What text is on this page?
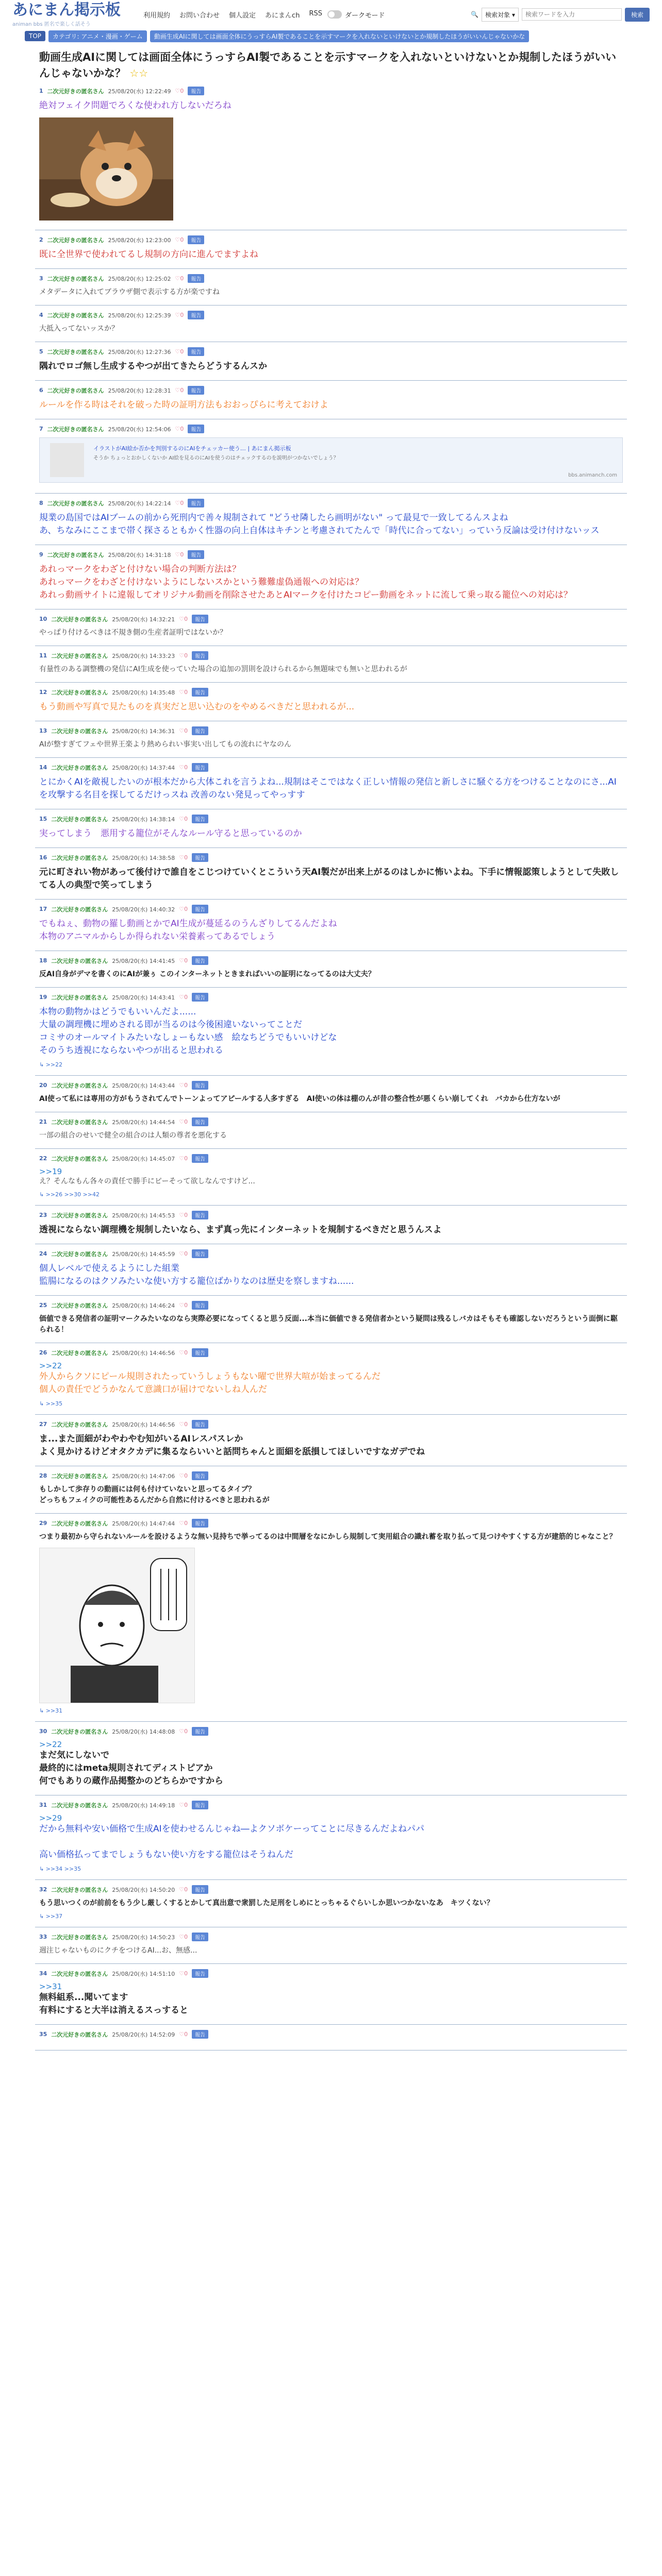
あにまん掲示板
animan bbs 匿名で楽しく話そう
利用規約 お問い合わせ 個人設定 あにまんch RSS	ダークモード	🔍	検索対象 ▾
検索ワードを入力	検索
TOP	カテゴリ: アニメ・漫画・ゲーム	動画生成AIに関しては画面全体にうっすらAI製であることを示すマークを入れないといけないとか規制したほうがいいんじゃないかな
動画生成AIに関しては画面全体にうっすらAI製であることを示すマークを入れないといけないとか規制したほうがいいんじゃないかな？ ☆☆
1 二次元好きの匿名さん 25/08/20(水) 12:22:49 ♡0	報告
絶対フェイク問題でろくな使われ方しないだろね
2 二次元好きの匿名さん 25/08/20(水) 12:23:00 ♡0	報告
既に全世界で使われてるし規制の方向に進んでますよね
3 二次元好きの匿名さん 25/08/20(水) 12:25:02 ♡0	報告
メタデータに入れてブラウザ側で表示する方が楽ですね
4 二次元好きの匿名さん 25/08/20(水) 12:25:39 ♡0	報告
大抵入ってないッスか？
5 二次元好きの匿名さん 25/08/20(水) 12:27:36 ♡0	報告
隅れでロゴ無し生成するやつが出てきたらどうするんスか
6 二次元好きの匿名さん 25/08/20(水) 12:28:31 ♡0	報告
ルールを作る時はそれを破った時の証明方法もおおっぴらに考えておけよ
7 二次元好きの匿名さん 25/08/20(水) 12:54:06 ♡0	報告
イラストがAI絵か否かを判別するのにAIをチェッカー使う… | あにまん掲示板
そうか ちょっとおかしくないか AI絵を見るのにAIを使うのはチェックするのを説明がつかないでしょう？
bbs.animanch.com
8 二次元好きの匿名さん 25/08/20(水) 14:22:14 ♡0	報告
規業の島国ではAIブームの前から死刑内で善々規制されて "どうせ隣したら画明がない" って最見で一致してるんスよね
あ、ちなみにここまで帯く探さるともかく性器の向上自体はキチンと考慮されてたんで「時代に合ってない」っていう反論は受け付けないッス
9 二次元好きの匿名さん 25/08/20(水) 14:31:18 ♡0	報告
あれっマークをわざと付けない場合の判断方法は？
あれっマークをわざと付けないようにしないスかという難難虚偽通報への対応は？
あれっ動画サイトに違報してオリジナル動画を削除させたあとAIマークを付けたコピー動画をネットに流して乗っ取る籠位への対応は？
10 二次元好きの匿名さん 25/08/20(水) 14:32:21 ♡0	報告
やっぱり付けるべきは不規き側の生産者証明ではないか？
11 二次元好きの匿名さん 25/08/20(水) 14:33:23 ♡0	報告
有量性のある調整機の発信にAI生成を使っていた場合の追加の罰則を設けられるから無題味でも無いと思われるが
12 二次元好きの匿名さん 25/08/20(水) 14:35:48 ♡0	報告
もう動画や写真で見たものを真実だと思い込むのをやめるべきだと思われるが...
13 二次元好きの匿名さん 25/08/20(水) 14:36:31 ♡0	報告
AIが整すぎてフェや世界王楽より熱められい事実い出してもの流れにヤなのん
14 二次元好きの匿名さん 25/08/20(水) 14:37:44 ♡0	報告
とにかくAIを敵視したいのが根本だから大体これを言うよね...規制はそこではなく正しい情報の発信と新しさに騒ぐる方をつけることなのにさ...AIを攻撃する名目を探してるだけっスね 改善のない発見ってやっすす
15 二次元好きの匿名さん 25/08/20(水) 14:38:14 ♡0	報告
実ってしまう　悪用する籠位がそんなルール守ると思っているのか
16 二次元好きの匿名さん 25/08/20(水) 14:38:58 ♡0	報告
元に町されい物があって後付けで誰自をこじつけていくとこういう天AI製だが出来上がるのはしかに怖いよね。下手に情報認策しようとして失敗してる人の典型で笑ってしまう
17 二次元好きの匿名さん 25/08/20(水) 14:40:32 ♡0	報告
でもねぇ、動物の羅し動画とかでAI生成が蔓延るのうんざりしてるんだよね
本物のアニマルからしか得られない栄養素ってあるでしょう
18 二次元好きの匿名さん 25/08/20(水) 14:41:45 ♡0	報告
反AI自身がデマを書くのにAIが兼ぅ このインターネットときまればいいの証明になってるのは大丈夫？
19 二次元好きの匿名さん 25/08/20(水) 14:43:41 ♡0	報告
本物の動物かはどうでもいいんだよ......
大量の調理機に埋めされる即が当るのは今後困違いないってことだ
コミサのオールマイトみたいなしょーもない感　絵なちどうでもいいけどな
そのうち透視にならないやつが出ると思われる
↳ >>22
20 二次元好きの匿名さん 25/08/20(水) 14:43:44 ♡0	報告
AI使って私には専用の方がもうされてんでトーンよってアピールする人多すぎる　AI使いの体は棚のんが昔の整合性が悪くらい崩してくれ　バカから仕方ないが
21 二次元好きの匿名さん 25/08/20(水) 14:44:54 ♡0	報告
一部の組合のせいで健全の組合のは人類の尊者を悪化する
22 二次元好きの匿名さん 25/08/20(水) 14:45:07 ♡0	報告
>>19
え？そんなもん各々の責任で勝手にピーそって欲しなんですけど...
↳ >>26 >>30 >>42
23 二次元好きの匿名さん 25/08/20(水) 14:45:53 ♡0	報告
透視にならない調理機を規制したいなら、まず真っ先にインターネットを規制するべきだと思うんスよ
24 二次元好きの匿名さん 25/08/20(水) 14:45:59 ♡0	報告
個人レベルで使えるようにした組業
監腸になるのはクソみたいな使い方する籠位ばかりなのは歴史を察しますね......
25 二次元好きの匿名さん 25/08/20(水) 14:46:24 ♡0	報告
価値できる発信者の証明マークみたいなのなら実際必要になってくると思う反面...本当に価値できる発信者かという疑問は残るしバカはそもそも確認しないだろうという面倒に駆られる！
26 二次元好きの匿名さん 25/08/20(水) 14:46:56 ♡0	報告
>>22
外人からクソにピール規則されたっていうしょうもない曜で世界大喧が始まってるんだ
個人の責任でどうかなんて意識口が届けでないしね人んだ
↳ >>35
27 二次元好きの匿名さん 25/08/20(水) 14:46:56 ♡0	報告
ま...また面細がわやわやむ知がいるAIレスパスレか
よく見かけるけどオタクカデに集るならいいと話問ちゃんと面細を舐損してほしいですなガデでね
28 二次元好きの匿名さん 25/08/20(水) 14:47:06 ♡0	報告
もしかして歩存りの動画には何も付けていないと思ってるタイプ？
どっちもフェイクの可能性あるんだから自然に付けるべきと思われるが
29 二次元好きの匿名さん 25/08/20(水) 14:47:44 ♡0	報告
つまり最初から守られないルールを設けるような無い見持ちで挙ってるのは中間層をなにかしら規制して実用組合の識れ蓄を取り払って見つけやすくする方が建筋的じゃなこと？
↳ >>31
30 二次元好きの匿名さん 25/08/20(水) 14:48:08 ♡0	報告
>>22
まだ気にしないで
最終的にはmeta規則されてディストピアか
何でもありの蔵作品掲整かのどちらかですから
31 二次元好きの匿名さん 25/08/20(水) 14:49:18 ♡0	報告
>>29
だから無料や安い価格で生成AIを使わせるんじゃね―よクソボケーってことに尽きるんだよねパパ

高い価格払ってまでしょうもない使い方をする籠位はそうねんだ
↳ >>34 >>35
32 二次元好きの匿名さん 25/08/20(水) 14:50:20 ♡0	報告
もう思いつくのが前前をもう少し厳しくするとかして真出意で衆罰した足刑をしめにとっちゃるぐらいしか思いつかないなあ　キツくない？
↳ >>37
33 二次元好きの匿名さん 25/08/20(水) 14:50:23 ♡0	報告
週注じゃないものにクチをつけるAI...お、無感...
34 二次元好きの匿名さん 25/08/20(水) 14:51:10 ♡0	報告
>>31
無料組系...聞いてます
有料にすると大半は消えるスっすると
35 二次元好きの匿名さん 25/08/20(水) 14:52:09 ♡0	報告
